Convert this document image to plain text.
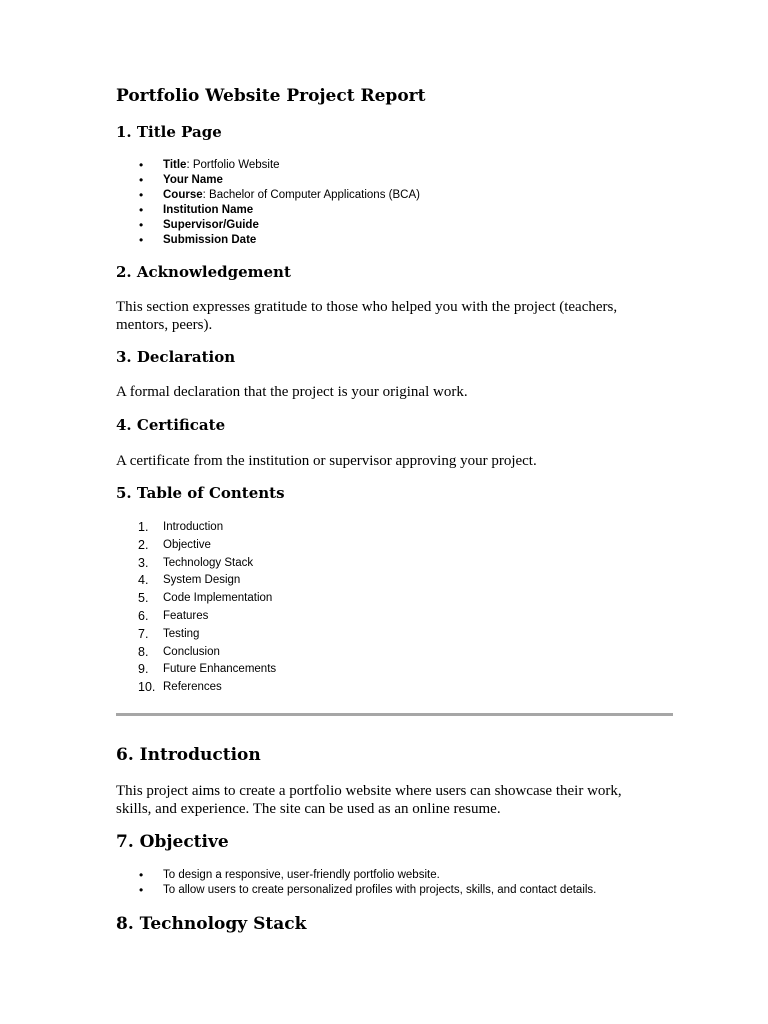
Portfolio Website Project Report
1. Title Page
• Title: Portfolio Website
• Your Name
• Course: Bachelor of Computer Applications (BCA)
• Institution Name
• Supervisor/Guide
• Submission Date
2. Acknowledgement

This section expresses gratitude to those who helped you with the project (teachers, mentors, peers).

3. Declaration

A formal declaration that the project is your original work.

4. Certificate

A certificate from the institution or supervisor approving your project.

5. Table of Contents
1.	Introduction
2.	Objective
3.	Technology Stack
4.	System Design
5.	Code Implementation
6.	Features
7.	Testing
8.	Conclusion
9.	Future Enhancements
10. References
6. Introduction

This project aims to create a portfolio website where users can showcase their work, skills, and experience. The site can be used as an online resume.

7. Objective
• To design a responsive, user-friendly portfolio website.
• To allow users to create personalized profiles with projects, skills, and contact details.
8. Technology Stack
